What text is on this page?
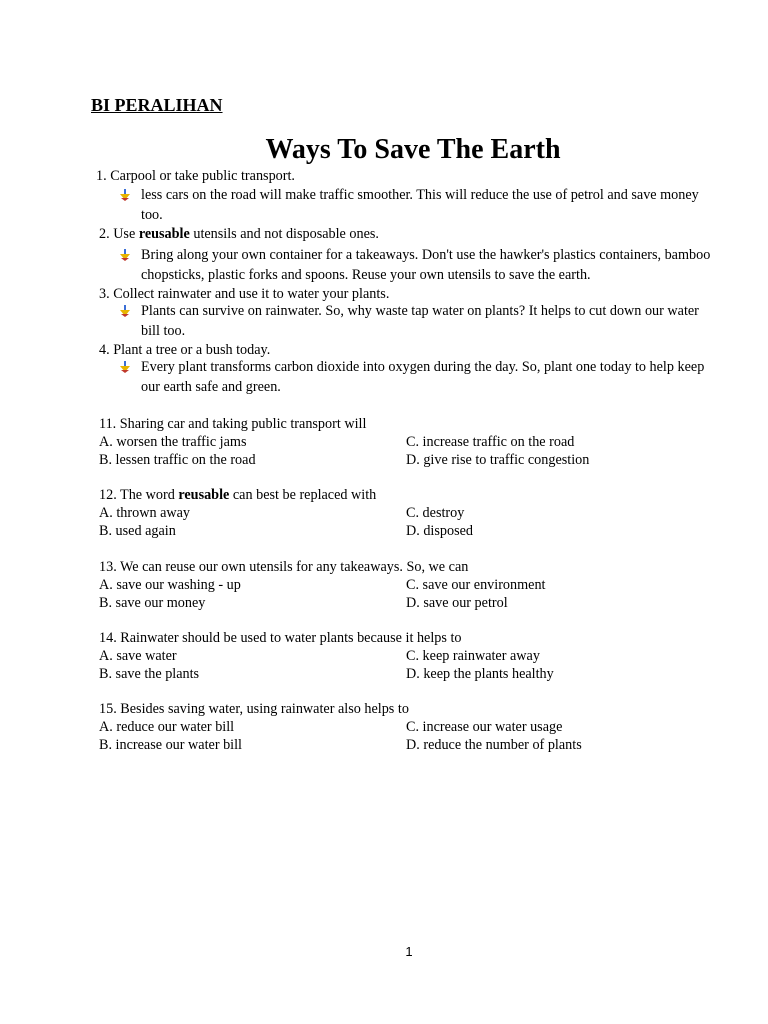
BI PERALIHAN
Ways To Save The Earth
1. Carpool or take public transport.
less cars on the road will make traffic smoother. This will reduce the use of petrol and save money too.
2. Use reusable utensils and not disposable ones.
Bring along your own container for a takeaways. Don't use the hawker's plastics containers, bamboo chopsticks, plastic forks and spoons. Reuse your own utensils to save the earth.
3. Collect rainwater and use it to water your plants.
Plants can survive on rainwater. So, why waste tap water on plants? It helps to cut down our water bill too.
4. Plant a tree or a bush today.
Every plant transforms carbon dioxide into oxygen during the day. So, plant one today to help keep our earth safe and green.
11. Sharing car and taking public transport will
A. worsen the traffic jams	C. increase traffic on the road
B. lessen traffic on the road	D. give rise to traffic congestion
12. The word reusable can best be replaced with
A. thrown away	C. destroy
B. used again	D. disposed
13. We can reuse our own utensils for any takeaways. So, we can
A. save our washing - up	C. save our environment
B. save our money	D. save our petrol
14. Rainwater should be used to water plants because it helps to
A. save water	C. keep rainwater away
B. save the plants	D. keep the plants healthy
15. Besides saving water, using rainwater also helps to
A. reduce our water bill	C. increase our water usage
B. increase our water bill	D. reduce the number of plants
1
